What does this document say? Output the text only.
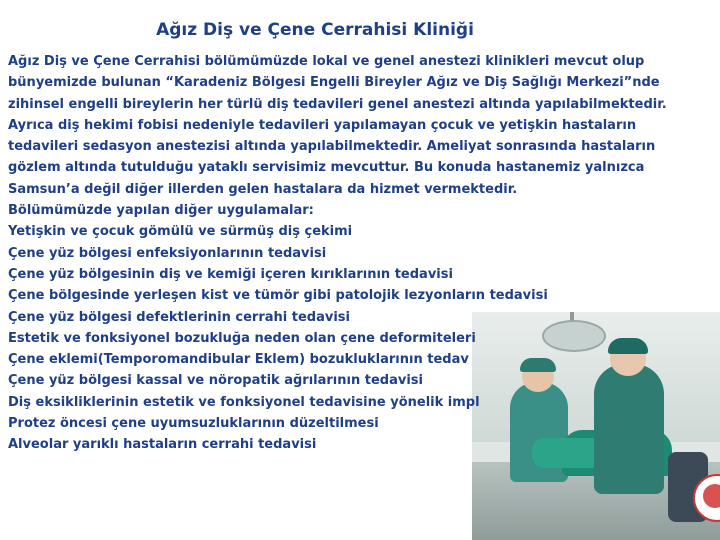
Ağız Diş ve Çene Cerrahisi Kliniği

Ağız Diş ve Çene Cerrahisi bölümümüzde lokal ve genel anestezi klinikleri mevcut olup bünyemizde bulunan “Karadeniz Bölgesi Engelli Bireyler Ağız ve Diş Sağlığı Merkezi”nde zihinsel engelli bireylerin her türlü diş tedavileri genel anestezi altında yapılabilmektedir. Ayrıca diş hekimi fobisi nedeniyle tedavileri yapılamayan çocuk ve yetişkin hastaların tedavileri sedasyon anestezisi altında yapılabilmektedir. Ameliyat sonrasında hastaların gözlem altında tutulduğu yataklı servisimiz mevcuttur. Bu konuda hastanemiz yalnızca Samsun’a değil diğer illerden gelen hastalara da hizmet vermektedir.

Bölümümüzde yapılan diğer uygulamalar:
Yetişkin ve çocuk gömülü ve sürmüş diş çekimi
Çene yüz bölgesi enfeksiyonlarının tedavisi
Çene yüz bölgesinin diş ve kemiği içeren kırıklarının tedavisi
Çene bölgesinde yerleşen kist ve tümör gibi patolojik lezyonların tedavisi
Çene yüz bölgesi defektlerinin cerrahi tedavisi
Estetik ve fonksiyonel bozukluğa neden olan çene deformiteleri
Çene eklemi(Temporomandibular Eklem) bozukluklarının tedav
Çene yüz bölgesi kassal ve nöropatik ağrılarının tedavisi
Diş eksikliklerinin estetik ve fonksiyonel tedavisine yönelik impl
Protez öncesi çene uyumsuzluklarının düzeltilmesi
Alveolar yarıklı hastaların cerrahi tedavisi
